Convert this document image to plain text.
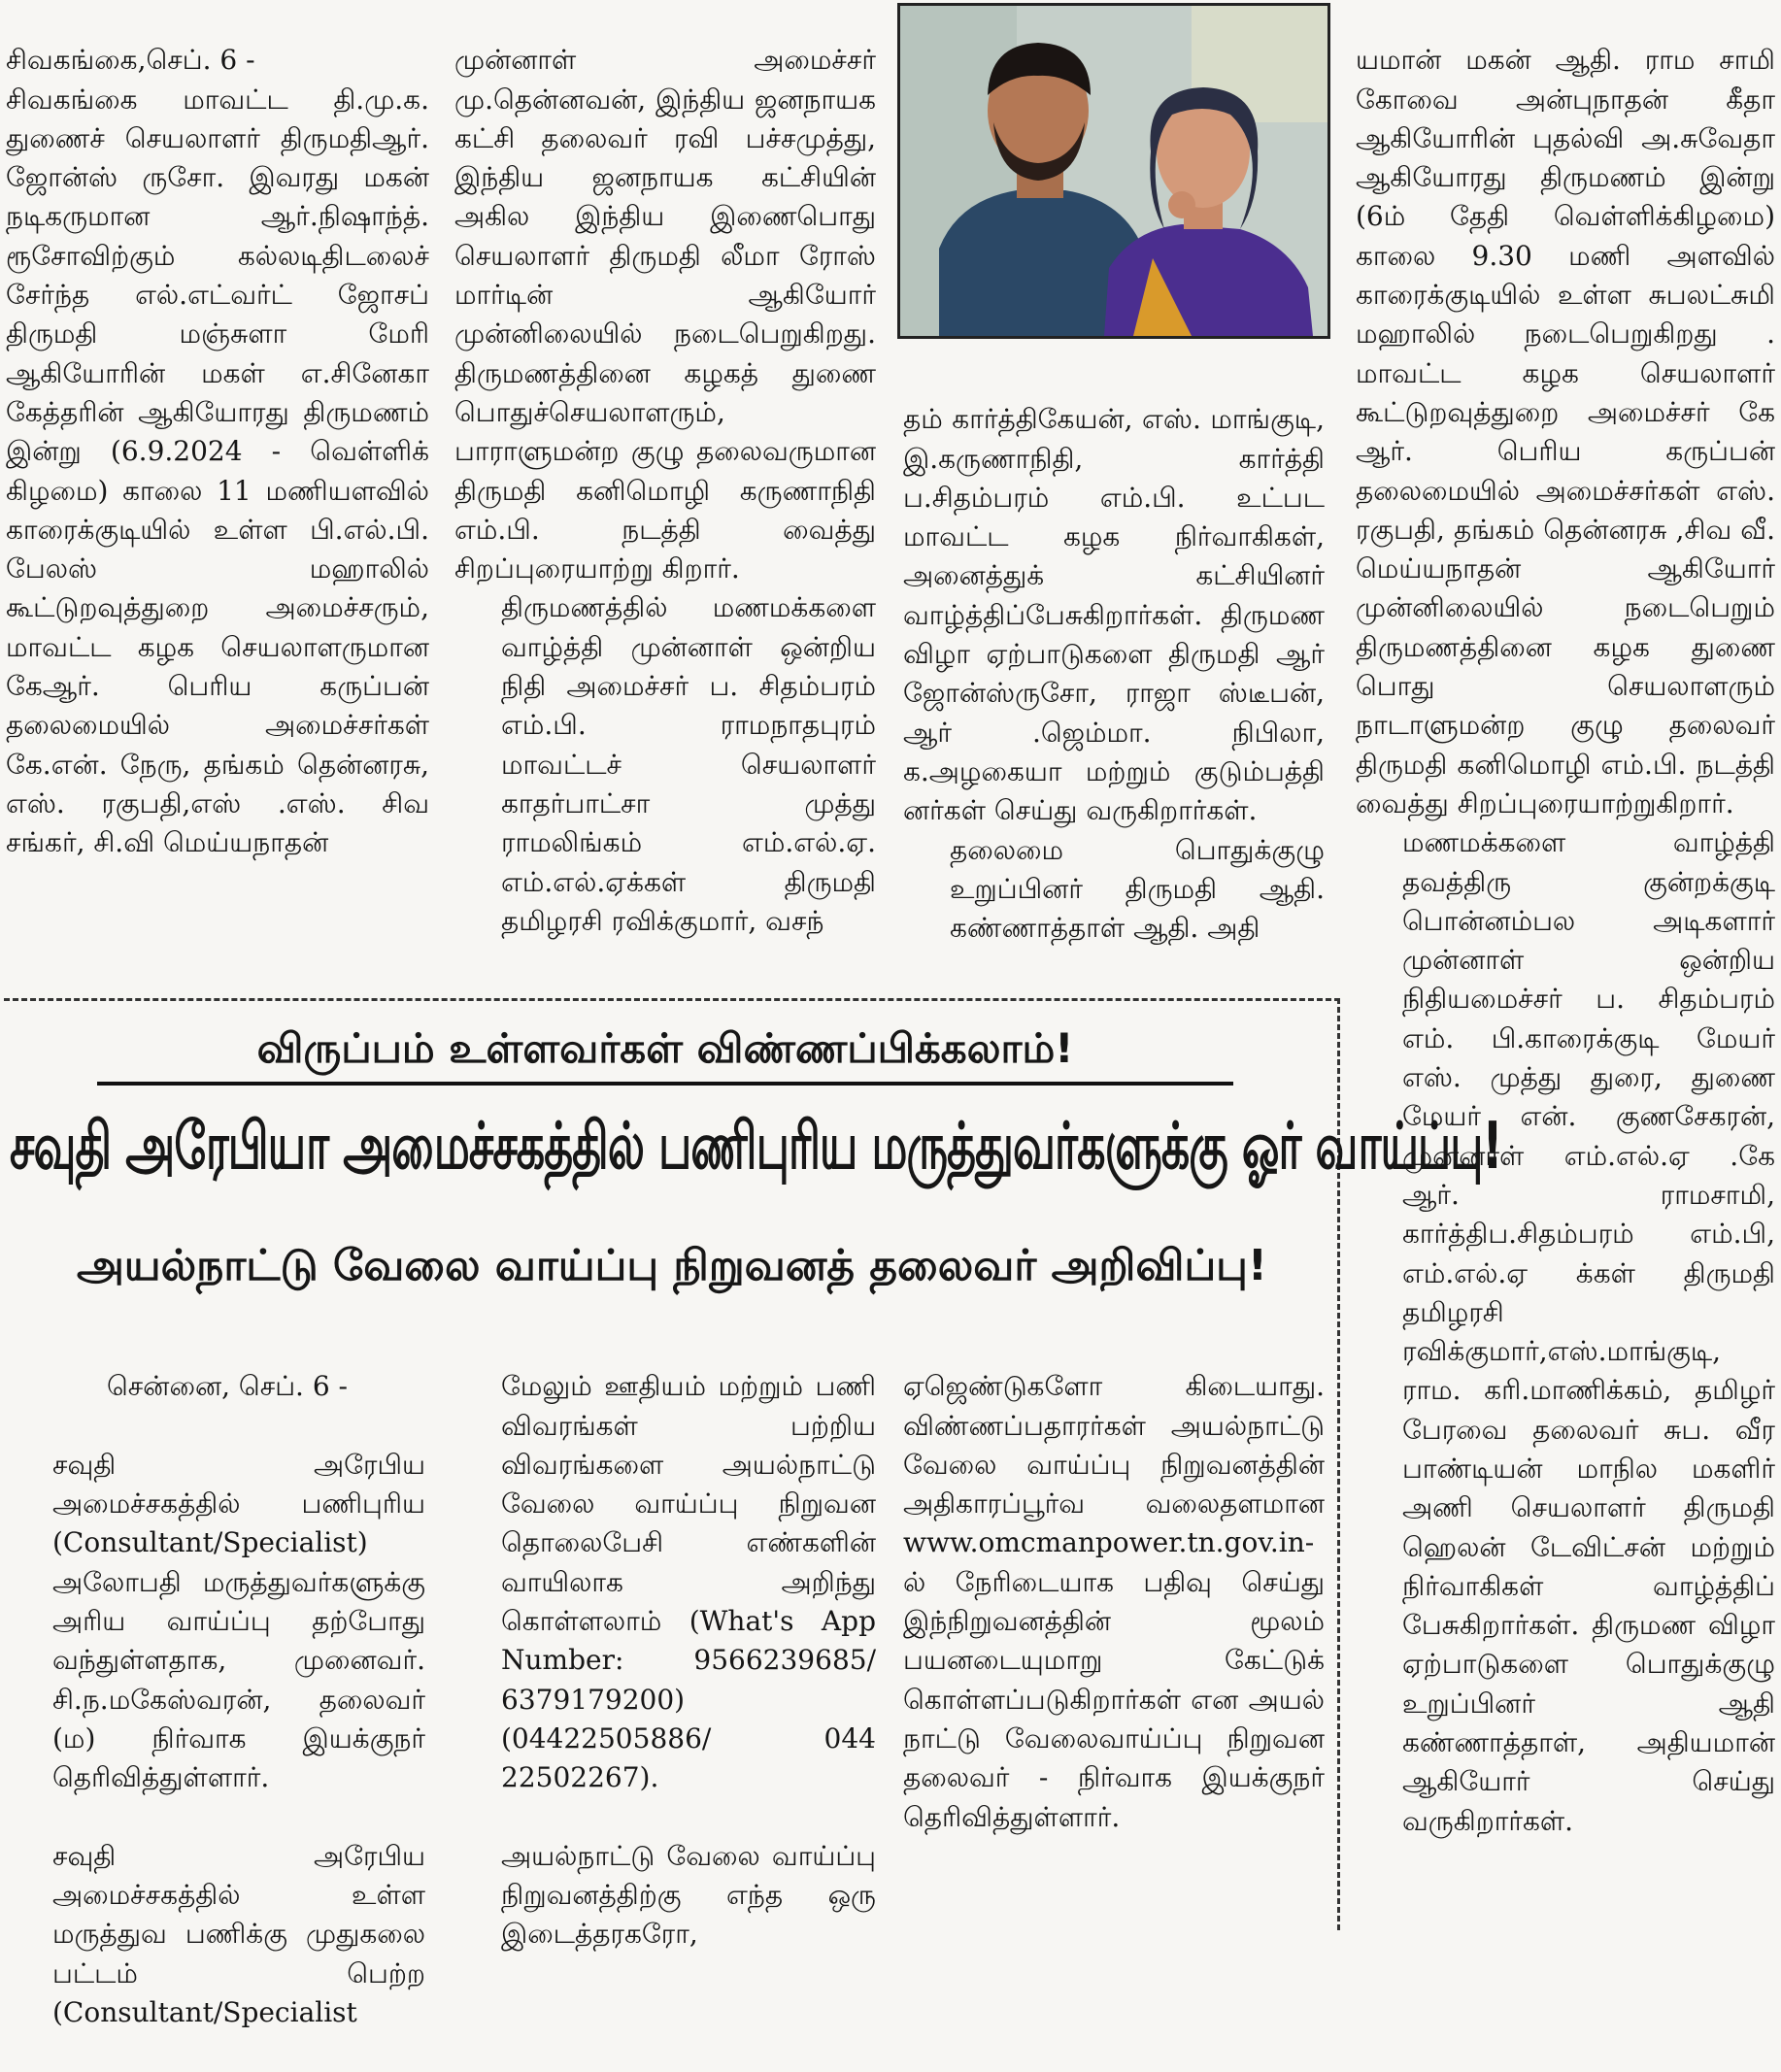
சிவகங்கை,செப். 6 -
சிவகங்கை மாவட்ட தி.மு.க. துணைச் செயலாளர் திருமதிஆர். ஜோன்ஸ் ருசோ. இவரது மகன் நடிகருமான ஆர்.நிஷாந்த். ரூசோவிற்கும் கல்லடிதிடலைச் சேர்ந்த எல்.எட்வர்ட் ஜோசப் திருமதி மஞ்சுளா மேரி ஆகியோரின் மகள் எ.சினேகா கேத்தரின் ஆகியோரது திருமணம் இன்று (6.9.2024 - வெள்ளிக் கிழமை) காலை 11 மணியளவில் காரைக்குடியில் உள்ள பி.எல்.பி. பேலஸ் மஹாலில் கூட்டுறவுத்துறை அமைச்சரும், மாவட்ட கழக செயலாளருமான கேஆர். பெரிய கருப்பன் தலைமையில் அமைச்சர்கள் கே.என். நேரு, தங்கம் தென்னரசு, எஸ். ரகுபதி,எஸ் .எஸ். சிவ சங்கர், சி.வி மெய்யநாதன்

முன்னாள் அமைச்சர் மு.தென்னவன், இந்திய ஜனநாயக கட்சி தலைவர் ரவி பச்சமுத்து, இந்திய ஜனநாயக கட்சியின் அகில இந்திய இணைபொது செயலாளர் திருமதி லீமா ரோஸ் மார்டின் ஆகியோர் முன்னிலையில் நடைபெறுகிறது. திருமணத்தினை கழகத் துணை பொதுச்செயலாளரும், பாராளுமன்ற குழு தலைவருமான திருமதி கனிமொழி கருணாநிதி எம்.பி. நடத்தி வைத்து சிறப்புரையாற்று கிறார்.

திருமணத்தில் மணமக்களை வாழ்த்தி முன்னாள் ஒன்றிய நிதி அமைச்சர் ப. சிதம்பரம் எம்.பி. ராமநாதபுரம் மாவட்டச் செயலாளர் காதர்பாட்சா முத்து ராமலிங்கம் எம்.எல்.ஏ. எம்.எல்.ஏக்கள் திருமதி தமிழரசி ரவிக்குமார், வசந்

தம் கார்த்திகேயன், எஸ். மாங்குடி, இ.கருணாநிதி, கார்த்தி ப.சிதம்பரம் எம்.பி. உட்பட மாவட்ட கழக நிர்வாகிகள், அனைத்துக் கட்சியினர் வாழ்த்திப்பேசுகிறார்கள். திருமண விழா ஏற்பாடுகளை திருமதி ஆர் ஜோன்ஸ்ருசோ, ராஜா ஸ்டீபன், ஆர் .ஜெம்மா. நிபிலா, க.அழகையா மற்றும் குடும்பத்தி னர்கள் செய்து வருகிறார்கள்.

தலைமை பொதுக்குழு உறுப்பினர் திருமதி ஆதி. கண்ணாத்தாள் ஆதி. அதி

யமான் மகன் ஆதி. ராம சாமி கோவை அன்புநாதன் கீதா ஆகியோரின் புதல்வி அ.சுவேதா ஆகியோரது திருமணம் இன்று (6ம் தேதி வெள்ளிக்கிழமை) காலை 9.30 மணி அளவில் காரைக்குடியில் உள்ள சுபலட்சுமி மஹாலில் நடைபெறுகிறது . மாவட்ட கழக செயலாளர் கூட்டுறவுத்துறை அமைச்சர் கே ஆர். பெரிய கருப்பன் தலைமையில் அமைச்சர்கள் எஸ். ரகுபதி, தங்கம் தென்னரசு ,சிவ வீ. மெய்யநாதன் ஆகியோர் முன்னிலையில் நடைபெறும் திருமணத்தினை கழக துணை பொது செயலாளரும் நாடாளுமன்ற குழு தலைவர் திருமதி கனிமொழி எம்.பி. நடத்தி வைத்து சிறப்புரையாற்றுகிறார்.

மணமக்களை வாழ்த்தி தவத்திரு குன்றக்குடி பொன்னம்பல அடிகளார் முன்னாள் ஒன்றிய நிதியமைச்சர் ப. சிதம்பரம் எம். பி.காரைக்குடி மேயர் எஸ். முத்து துரை, துணை மேயர் என். குணசேகரன், முன்னாள் எம்.எல்.ஏ .கே ஆர். ராமசாமி, கார்த்திப.சிதம்பரம் எம்.பி, எம்.எல்.ஏ க்கள் திருமதி தமிழரசி ரவிக்குமார்,எஸ்.மாங்குடி, ராம. கரி.மாணிக்கம், தமிழர் பேரவை தலைவர் சுப. வீர பாண்டியன் மாநில மகளிர் அணி செயலாளர் திருமதி ஹெலன் டேவிட்சன் மற்றும் நிர்வாகிகள் வாழ்த்திப் பேசுகிறார்கள். திருமண விழா ஏற்பாடுகளை பொதுக்குழு உறுப்பினர் ஆதி கண்ணாத்தாள், அதியமான் ஆகியோர் செய்து வருகிறார்கள்.

விருப்பம் உள்ளவர்கள் விண்ணப்பிக்கலாம்!
சவுதி அரேபியா அமைச்சகத்தில் பணிபுரிய மருத்துவர்களுக்கு ஓர் வாய்ப்பு!
அயல்நாட்டு வேலை வாய்ப்பு நிறுவனத் தலைவர் அறிவிப்பு!

சென்னை, செப். 6 -

சவுதி அரேபிய அமைச்சகத்தில் பணிபுரிய (Consultant/Specialist) அலோபதி மருத்துவர்களுக்கு அரிய வாய்ப்பு தற்போது வந்துள்ளதாக, முனைவர். சி.ந.மகேஸ்வரன், தலைவர் (ம) நிர்வாக இயக்குநர் தெரிவித்துள்ளார்.

சவுதி அரேபிய அமைச்சகத்தில் உள்ள மருத்துவ பணிக்கு முதுகலை பட்டம் பெற்ற (Consultant/Specialist

மேலும் ஊதியம் மற்றும் பணி விவரங்கள் பற்றிய விவரங்களை அயல்நாட்டு வேலை வாய்ப்பு நிறுவன தொலைபேசி எண்களின் வாயிலாக அறிந்து கொள்ளலாம் (What's App Number: 9566239685/ 6379179200) (04422505886/ 044 22502267).

அயல்நாட்டு வேலை வாய்ப்பு நிறுவனத்திற்கு எந்த ஒரு இடைத்தரகரோ,

ஏஜெண்டுகளோ கிடையாது. விண்ணப்பதாரர்கள் அயல்நாட்டு வேலை வாய்ப்பு நிறுவனத்தின் அதிகாரப்பூர்வ வலைதளமான www.omcmanpower.tn.gov.in-ல் நேரிடையாக பதிவு செய்து இந்நிறுவனத்தின் மூலம் பயனடையுமாறு கேட்டுக் கொள்ளப்படுகிறார்கள் என அயல் நாட்டு வேலைவாய்ப்பு நிறுவன தலைவர் - நிர்வாக இயக்குநர் தெரிவித்துள்ளார்.
